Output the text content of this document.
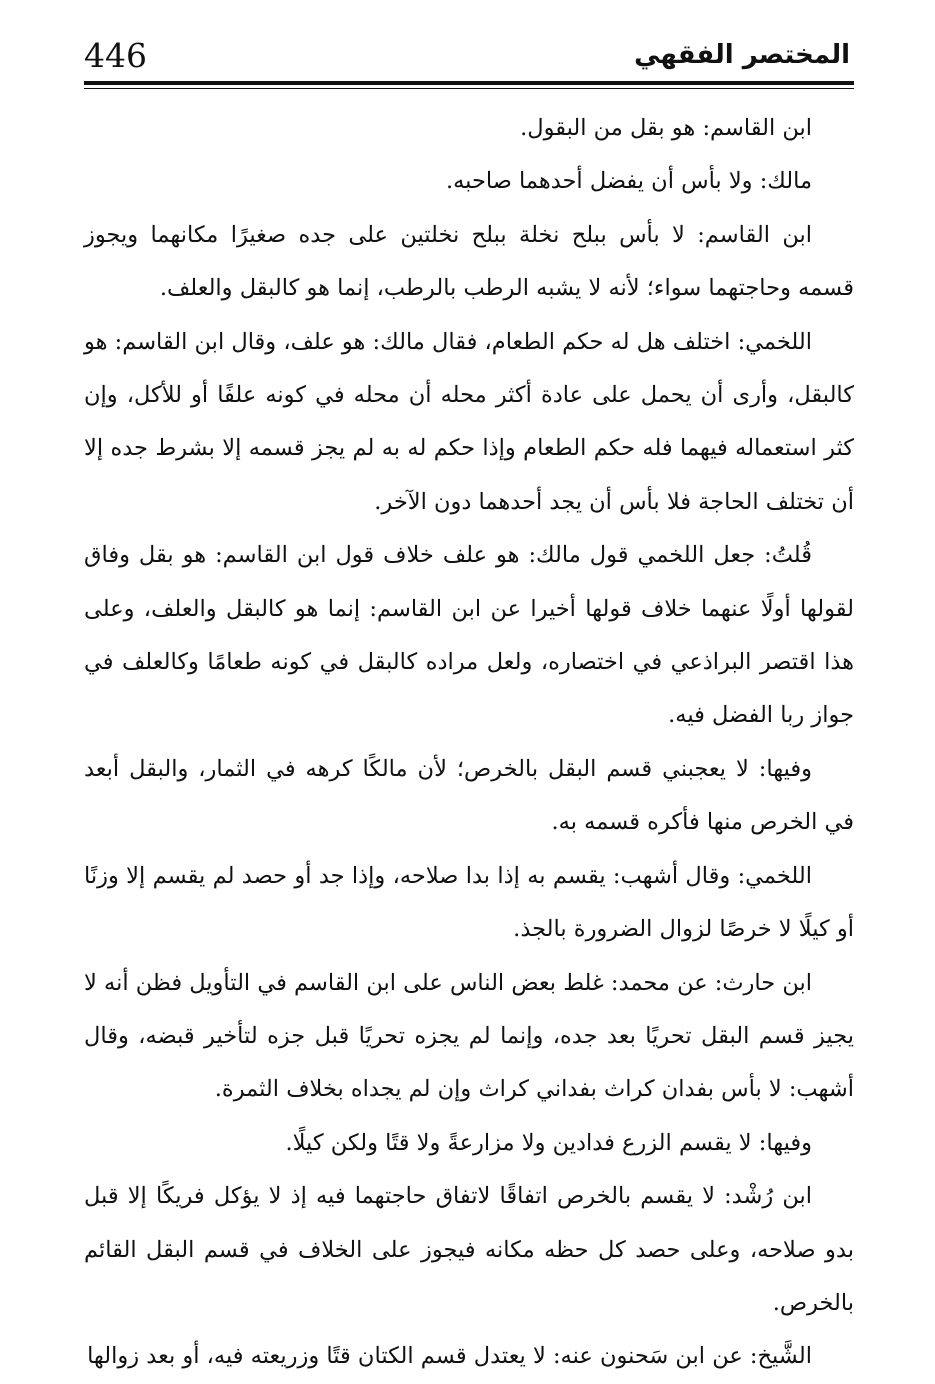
446	المختصر الفقهي

ابن القاسم: هو بقل من البقول.

مالك: ولا بأس أن يفضل أحدهما صاحبه.

ابن القاسم: لا بأس ببلح نخلة ببلح نخلتين على جده صغيرًا مكانهما ويجوز قسمه وحاجتهما سواء؛ لأنه لا يشبه الرطب بالرطب، إنما هو كالبقل والعلف.

اللخمي: اختلف هل له حكم الطعام، فقال مالك: هو علف، وقال ابن القاسم: هو كالبقل، وأرى أن يحمل على عادة أكثر محله أن محله في كونه علفًا أو للأكل، وإن كثر استعماله فيهما فله حكم الطعام وإذا حكم له به لم يجز قسمه إلا بشرط جده إلا أن تختلف الحاجة فلا بأس أن يجد أحدهما دون الآخر.

قُلتُ: جعل اللخمي قول مالك: هو علف خلاف قول ابن القاسم: هو بقل وفاق لقولها أولًا عنهما خلاف قولها أخيرا عن ابن القاسم: إنما هو كالبقل والعلف، وعلى هذا اقتصر البراذعي في اختصاره، ولعل مراده كالبقل في كونه طعامًا وكالعلف في جواز ربا الفضل فيه.

وفيها: لا يعجبني قسم البقل بالخرص؛ لأن مالكًا كرهه في الثمار، والبقل أبعد في الخرص منها فأكره قسمه به.

اللخمي: وقال أشهب: يقسم به إذا بدا صلاحه، وإذا جد أو حصد لم يقسم إلا وزنًا أو كيلًا لا خرصًا لزوال الضرورة بالجذ.

ابن حارث: عن محمد: غلط بعض الناس على ابن القاسم في التأويل فظن أنه لا يجيز قسم البقل تحريًا بعد جده، وإنما لم يجزه تحريًا قبل جزه لتأخير قبضه، وقال أشهب: لا بأس بفدان كراث بفداني كراث وإن لم يجداه بخلاف الثمرة.

وفيها: لا يقسم الزرع فدادين ولا مزارعةً ولا قتًا ولكن كيلًا.

ابن رُشْد: لا يقسم بالخرص اتفاقًا لاتفاق حاجتهما فيه إذ لا يؤكل فريكًا إلا قبل بدو صلاحه، وعلى حصد كل حظه مكانه فيجوز على الخلاف في قسم البقل القائم بالخرص.

الشَّيخ: عن ابن سَحنون عنه: لا يعتدل قسم الكتان قتًا وزريعته فيه، أو بعد زوالها
